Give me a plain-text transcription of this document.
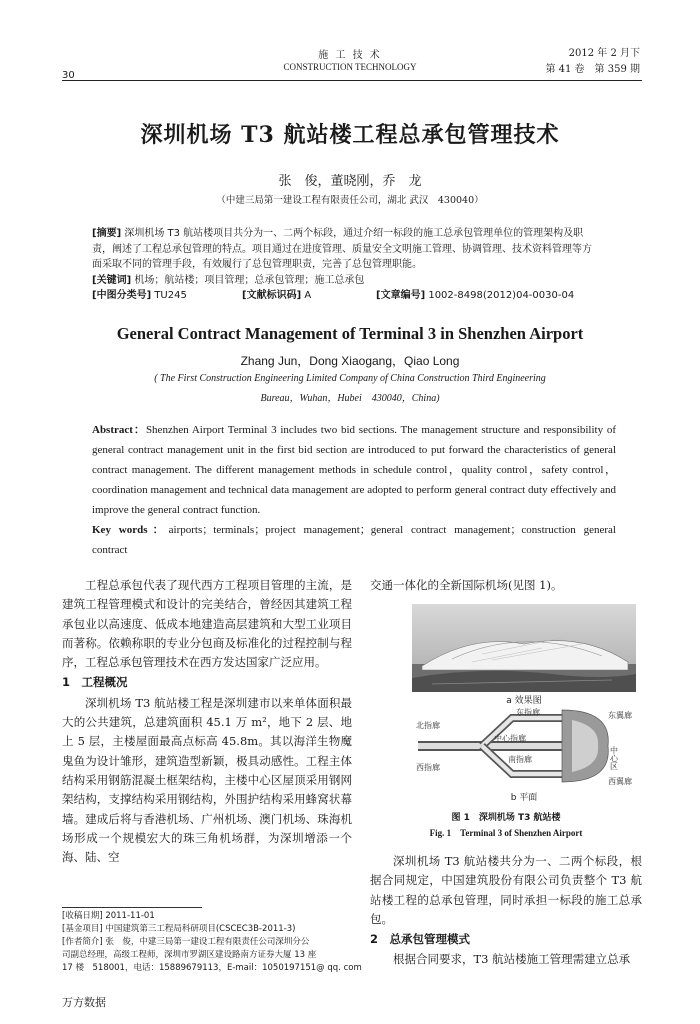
30
施 工 技 术
CONSTRUCTION TECHNOLOGY
2012 年 2 月下
第 41 卷　第 359 期
深圳机场 T3 航站楼工程总承包管理技术
张　俊，董晓刚，乔　龙
（中建三局第一建设工程有限责任公司，湖北 武汉　430040）
[摘要] 深圳机场 T3 航站楼项目共分为一、二两个标段，通过介绍一标段的施工总承包管理单位的管理架构及职
责，阐述了工程总承包管理的特点。项目通过在进度管理、质量安全文明施工管理、协调管理、技术资料管理等方
面采取不同的管理手段，有效履行了总包管理职责，完善了总包管理职能。
[关键词] 机场；航站楼；项目管理；总承包管理；施工总承包
[中图分类号] TU245	[文献标识码] A	[文章编号] 1002-8498(2012)04-0030-04
General Contract Management of Terminal 3 in Shenzhen Airport
Zhang Jun，Dong Xiaogang，Qiao Long
( The First Construction Engineering Limited Company of China Construction Third Engineering
Bureau，Wuhan，Hubei　430040，China)
Abstract：Shenzhen Airport Terminal 3 includes two bid sections. The management structure and responsibility of general contract management unit in the first bid section are introduced to put forward the characteristics of general contract management. The different management methods in schedule control，quality control，safety control，coordination management and technical data management are adopted to perform general contract duty effectively and improve the general contract function.
Key words：airports；terminals；project management；general contract management；construction general contract

工程总承包代表了现代西方工程项目管理的主流，是建筑工程管理模式和设计的完美结合，曾经因其建筑工程承包业以高速度、低成本地建造高层建筑和大型工业项目而著称。依赖称职的专业分包商及标准化的过程控制与程序，工程总承包管理技术在西方发达国家广泛应用。

1　工程概况

深圳机场 T3 航站楼工程是深圳建市以来单体面积最大的公共建筑，总建筑面积 45.1 万 m²，地下 2 层、地上 5 层，主楼屋面最高点标高 45.8m。其以海洋生物魔鬼鱼为设计雏形，建筑造型新颖，极具动感性。工程主体结构采用钢筋混凝土框架结构，主楼中心区屋顶采用钢网架结构，支撑结构采用钢结构，外围护结构采用蜂窝状幕墙。建成后将与香港机场、广州机场、澳门机场、珠海机场形成一个规模宏大的珠三角机场群，为深圳增添一个海、陆、空

[收稿日期] 2011-11-01
[基金项目] 中国建筑第三工程局科研项目(CSCEC3B-2011-3)
[作者简介] 张　俊，中建三局第一建设工程有限责任公司深圳分公
司副总经理，高级工程师，深圳市罗湖区建设路南方证券大厦 13 座
17 楼　518001，电话：15889679113，E-mail：1050197151@ qq. com
交通一体化的全新国际机场(见图 1)。
a 效果图
东指廊	东翼廊
北指廊
中心指廊
中心区
南指廊
西指廊
西翼廊
b 平面
图 1　深圳机场 T3 航站楼
Fig. 1　Terminal 3 of Shenzhen Airport

深圳机场 T3 航站楼共分为一、二两个标段，根据合同规定，中国建筑股份有限公司负责整个 T3 航站楼工程的总承包管理，同时承担一标段的施工总承包。

2　总承包管理模式

根据合同要求，T3 航站楼施工管理需建立总承

万方数据
